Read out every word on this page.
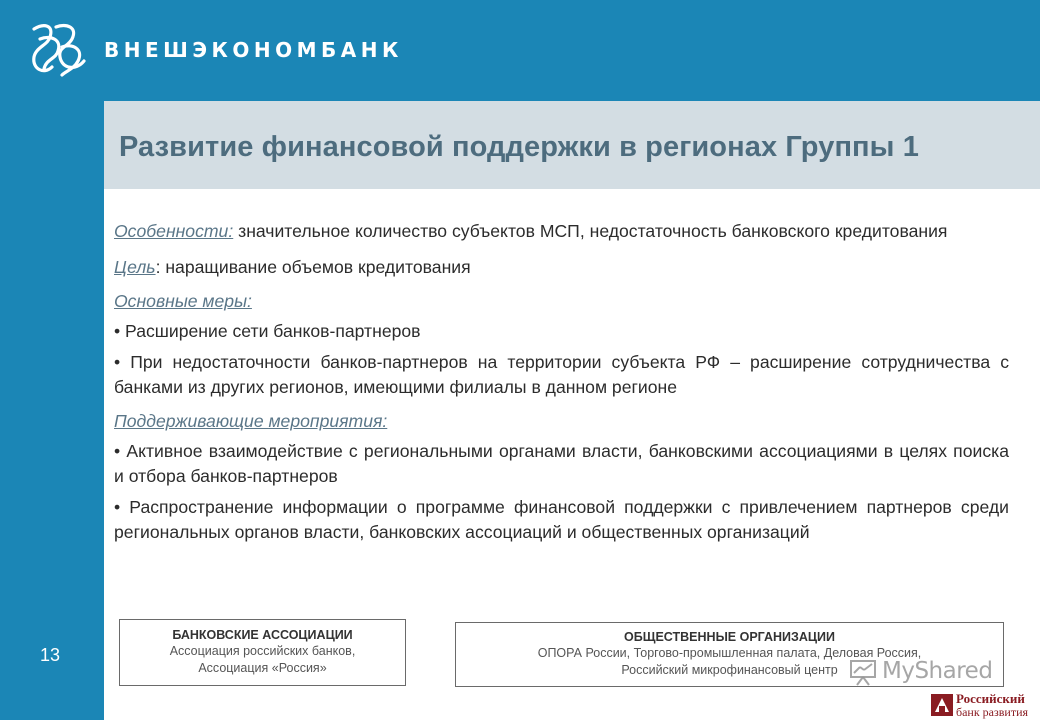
ВНЕШЭКОНОМБАНК
Развитие финансовой поддержки в регионах Группы 1

Особенности: значительное количество субъектов МСП, недостаточность банковского кредитования

Цель: наращивание объемов кредитования

Основные меры:

• Расширение сети банков-партнеров

• При недостаточности банков-партнеров на территории субъекта РФ – расширение сотрудничества с банками из других регионов, имеющими филиалы в данном регионе

Поддерживающие мероприятия:

• Активное взаимодействие с региональными органами власти, банковскими ассоциациями в целях поиска и отбора банков-партнеров

• Распространение информации о программе финансовой поддержки с привлечением партнеров среди региональных органов власти, банковских ассоциаций и общественных организаций

13
БАНКОВСКИЕ АССОЦИАЦИИ
Ассоциация российских банков,
Ассоциация «Россия»
ОБЩЕСТВЕННЫЕ ОРГАНИЗАЦИИ
ОПОРА России, Торгово-промышленная палата, Деловая Россия,
Российский микрофинансовый центр	MyShared
Российский
банк развития
